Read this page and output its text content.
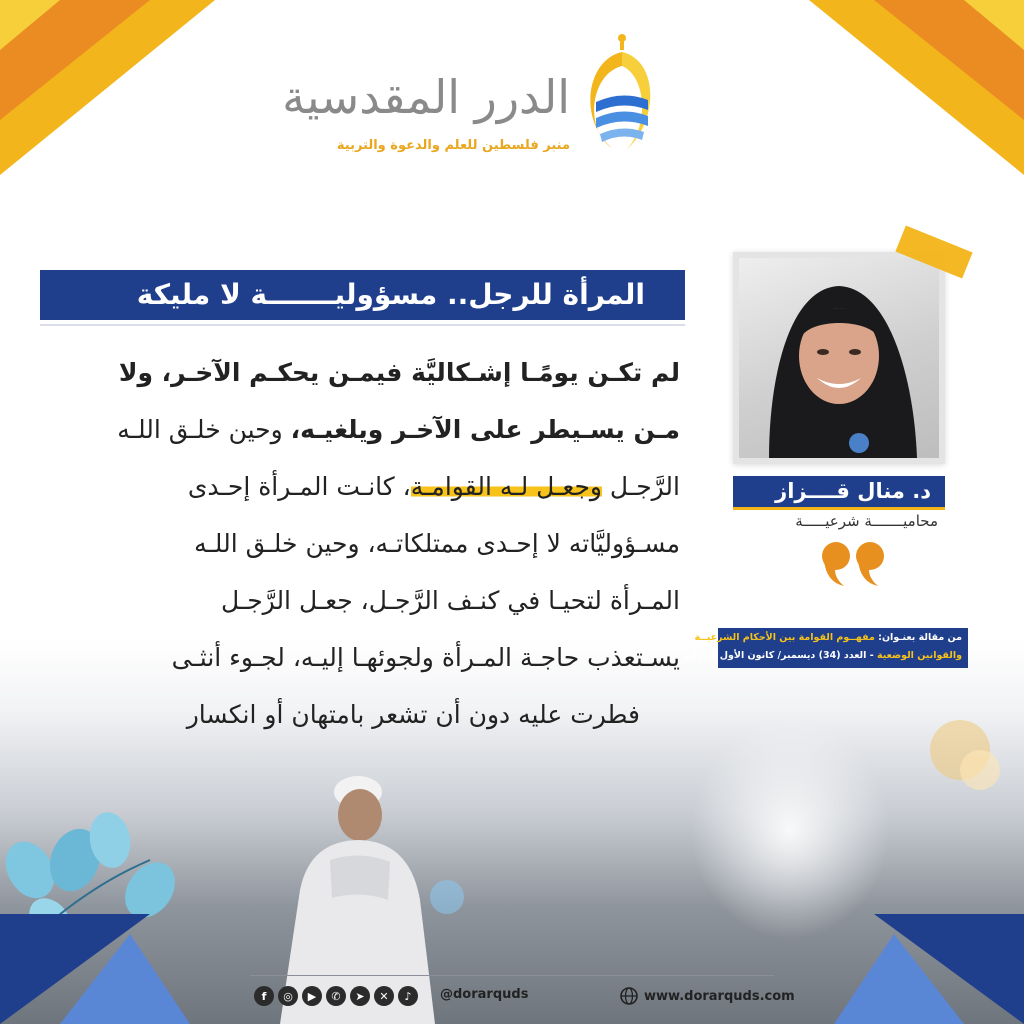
الدرر المقدسية
منبر فلسطين للعلم والدعوة والتربية
المرأة للرجل.. مسؤوليـــــــة لا مليكة
لم تكـن يومًـا إشـكاليَّة فيمـن يحكـم الآخـر، ولا
مـن يسـيطر على الآخـر ويلغيـه، وحين خلـق اللـه
الرَّجـل وجعـل لـه القوامـة، كانـت المـرأة إحـدى
مسـؤوليَّاته لا إحـدى ممتلكاتـه، وحين خلـق اللـه
المـرأة لتحيـا في كنـف الرَّجـل، جعـل الرَّجـل
يسـتعذب حاجـة المـرأة ولجوئهـا إليـه، لجـوء أنثـى
فطرت عليه دون أن تشعر بامتهان أو انكسار
د. منال قــــزاز
محاميـــــــة شرعيـــــة
من مقالة بعنـوان: مفهــوم القوامة بين الأحكام الشرعيــة
والقوانين الوضعية - العدد (34) ديسمبر/ كانون الأول 2024م
f	◎	▶	✆	➤	✕	♪	@dorarquds	www.dorarquds.com
